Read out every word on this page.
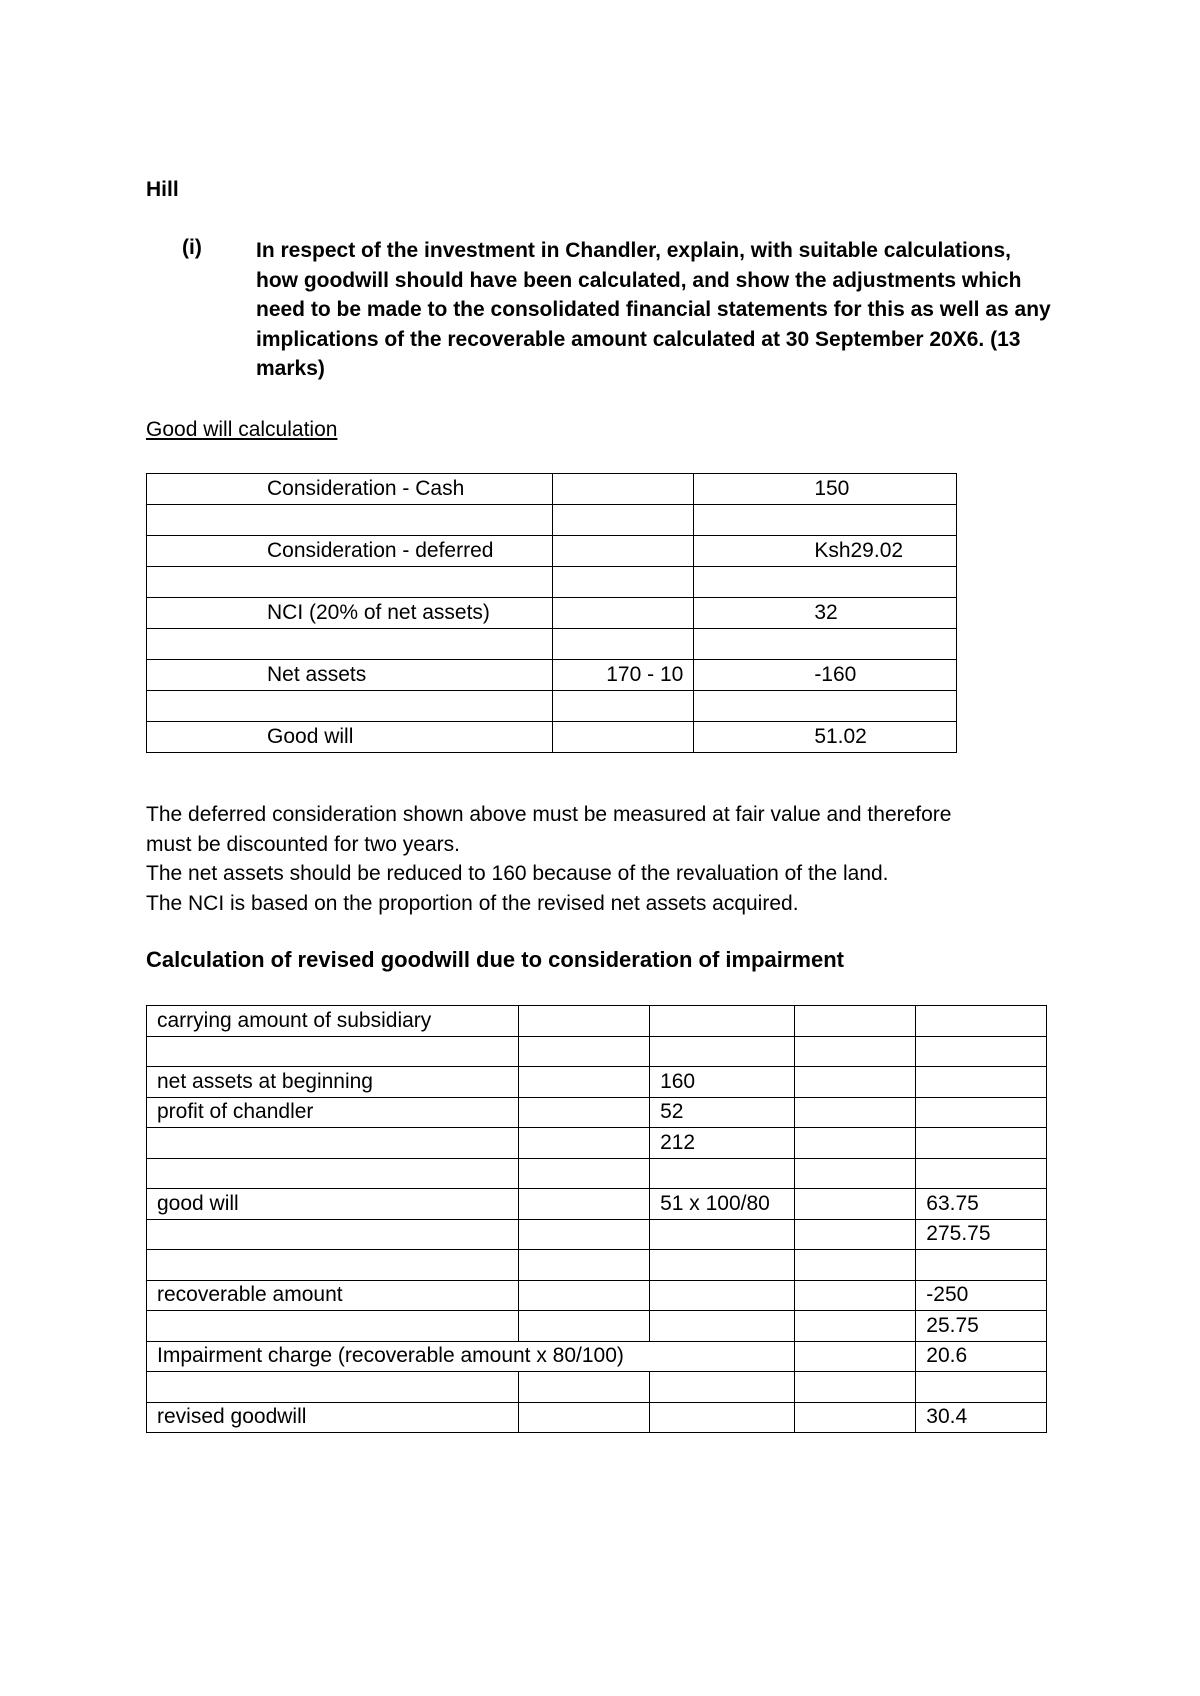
Hill
(i)	In respect of the investment in Chandler, explain, with suitable calculations, how goodwill should have been calculated, and show the adjustments which need to be made to the consolidated financial statements for this as well as any implications of the recoverable amount calculated at 30 September 20X6. (13 marks)
Good will calculation
Consideration - Cash		150

Consideration - deferred		Ksh29.02

NCI (20% of net assets)		32

Net assets	170 - 10	-160

Good will		51.02
The deferred consideration shown above must be measured at fair value and therefore
must be discounted for two years.
The net assets should be reduced to 160 because of the revaluation of the land.
The NCI is based on the proportion of the revised net assets acquired.
Calculation of revised goodwill due to consideration of impairment
carrying amount of subsidiary				

net assets at beginning		160		
profit of chandler		52		
		212		

good will		51 x 100/80		63.75
				275.75

recoverable amount				-250
				25.75
Impairment charge (recoverable amount x 80/100)				20.6

revised goodwill				30.4
